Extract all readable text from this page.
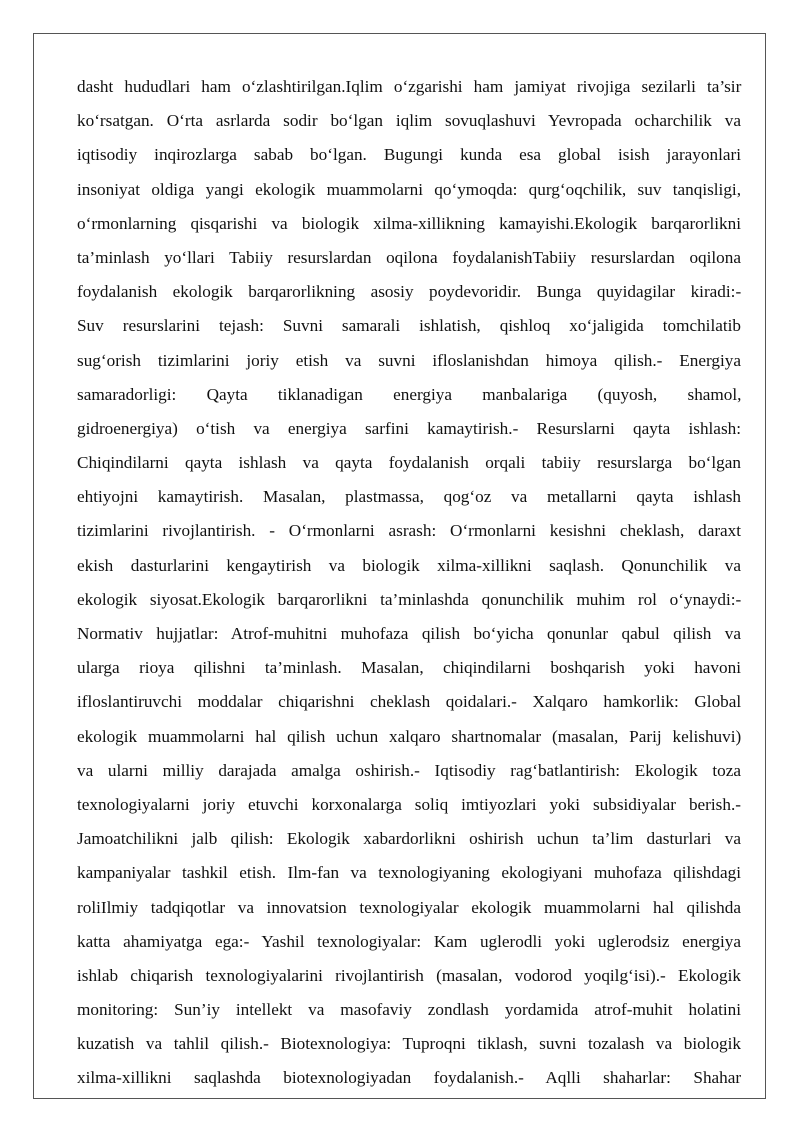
dasht hududlari ham o‘zlashtirilgan.Iqlim o‘zgarishi ham jamiyat rivojiga sezilarli ta’sir
ko‘rsatgan. O‘rta asrlarda sodir bo‘lgan iqlim sovuqlashuvi Yevropada ocharchilik va
iqtisodiy inqirozlarga sabab bo‘lgan. Bugungi kunda esa global isish jarayonlari
insoniyat oldiga yangi ekologik muammolarni qo‘ymoqda: qurg‘oqchilik, suv tanqisligi,
o‘rmonlarning qisqarishi va biologik xilma-xillikning kamayishi.Ekologik barqarorlikni
ta’minlash yo‘llari Tabiiy resurslardan oqilona foydalanishTabiiy resurslardan oqilona
foydalanish ekologik barqarorlikning asosiy poydevoridir. Bunga quyidagilar kiradi:-
Suv resurslarini tejash: Suvni samarali ishlatish, qishloq xo‘jaligida tomchilatib
sug‘orish tizimlarini joriy etish va suvni ifloslanishdan himoya qilish.- Energiya
samaradorligi: Qayta tiklanadigan energiya manbalariga (quyosh, shamol,
gidroenergiya) o‘tish va energiya sarfini kamaytirish.- Resurslarni qayta ishlash:
Chiqindilarni qayta ishlash va qayta foydalanish orqali tabiiy resurslarga bo‘lgan
ehtiyojni kamaytirish. Masalan, plastmassa, qog‘oz va metallarni qayta ishlash
tizimlarini rivojlantirish. - O‘rmonlarni asrash: O‘rmonlarni kesishni cheklash, daraxt
ekish dasturlarini kengaytirish va biologik xilma-xillikni saqlash. Qonunchilik va
ekologik siyosat.Ekologik barqarorlikni ta’minlashda qonunchilik muhim rol o‘ynaydi:-
Normativ hujjatlar: Atrof-muhitni muhofaza qilish bo‘yicha qonunlar qabul qilish va
ularga rioya qilishni ta’minlash. Masalan, chiqindilarni boshqarish yoki havoni
ifloslantiruvchi moddalar chiqarishni cheklash qoidalari.- Xalqaro hamkorlik: Global
ekologik muammolarni hal qilish uchun xalqaro shartnomalar (masalan, Parij kelishuvi)
va ularni milliy darajada amalga oshirish.- Iqtisodiy rag‘batlantirish: Ekologik toza
texnologiyalarni joriy etuvchi korxonalarga soliq imtiyozlari yoki subsidiyalar berish.-
Jamoatchilikni jalb qilish: Ekologik xabardorlikni oshirish uchun ta’lim dasturlari va
kampaniyalar tashkil etish. Ilm-fan va texnologiyaning ekologiyani muhofaza qilishdagi
roliIlmiy tadqiqotlar va innovatsion texnologiyalar ekologik muammolarni hal qilishda
katta ahamiyatga ega:- Yashil texnologiyalar: Kam uglerodli yoki uglerodsiz energiya
ishlab chiqarish texnologiyalarini rivojlantirish (masalan, vodorod yoqilg‘isi).- Ekologik
monitoring: Sun’iy intellekt va masofaviy zondlash yordamida atrof-muhit holatini
kuzatish va tahlil qilish.- Biotexnologiya: Tuproqni tiklash, suvni tozalash va biologik
xilma-xillikni saqlashda biotexnologiyadan foydalanish.- Aqlli shaharlar: Shahar
